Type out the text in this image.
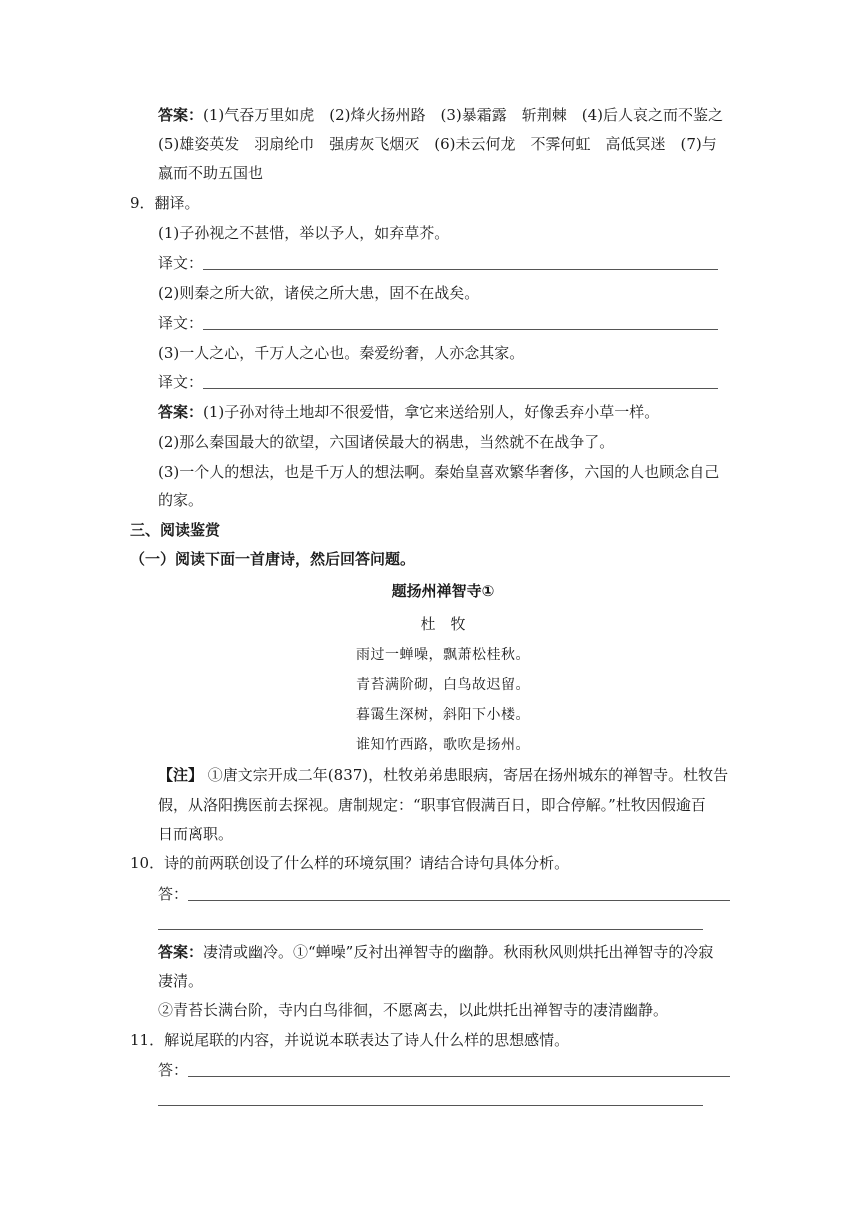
答案：(1)气吞万里如虎　(2)烽火扬州路　(3)暴霜露　斩荆棘　(4)后人哀之而不鉴之
(5)雄姿英发　羽扇纶巾　强虏灰飞烟灭　(6)未云何龙　不霁何虹　高低冥迷　(7)与
嬴而不助五国也
9．翻译。
(1)子孙视之不甚惜，举以予人，如弃草芥。
译文：
(2)则秦之所大欲，诸侯之所大患，固不在战矣。
译文：
(3)一人之心，千万人之心也。秦爱纷奢，人亦念其家。
译文：
答案：(1)子孙对待土地却不很爱惜，拿它来送给别人，好像丢弃小草一样。
(2)那么秦国最大的欲望，六国诸侯最大的祸患，当然就不在战争了。
(3)一个人的想法，也是千万人的想法啊。秦始皇喜欢繁华奢侈，六国的人也顾念自己
的家。
三、阅读鉴赏
（一）阅读下面一首唐诗，然后回答问题。
题扬州禅智寺①
杜　牧
雨过一蝉噪，飘萧松桂秋。
青苔满阶砌，白鸟故迟留。
暮霭生深树，斜阳下小楼。
谁知竹西路，歌吹是扬州。
【注】 ①唐文宗开成二年(837)，杜牧弟弟患眼病，寄居在扬州城东的禅智寺。杜牧告
假，从洛阳携医前去探视。唐制规定：“职事官假满百日，即合停解。”杜牧因假逾百
日而离职。
10．诗的前两联创设了什么样的环境氛围？请结合诗句具体分析。
答：
答案：凄清或幽冷。①“蝉噪”反衬出禅智寺的幽静。秋雨秋风则烘托出禅智寺的冷寂
凄清。
②青苔长满台阶，寺内白鸟徘徊，不愿离去，以此烘托出禅智寺的凄清幽静。
11．解说尾联的内容，并说说本联表达了诗人什么样的思想感情。
答：
